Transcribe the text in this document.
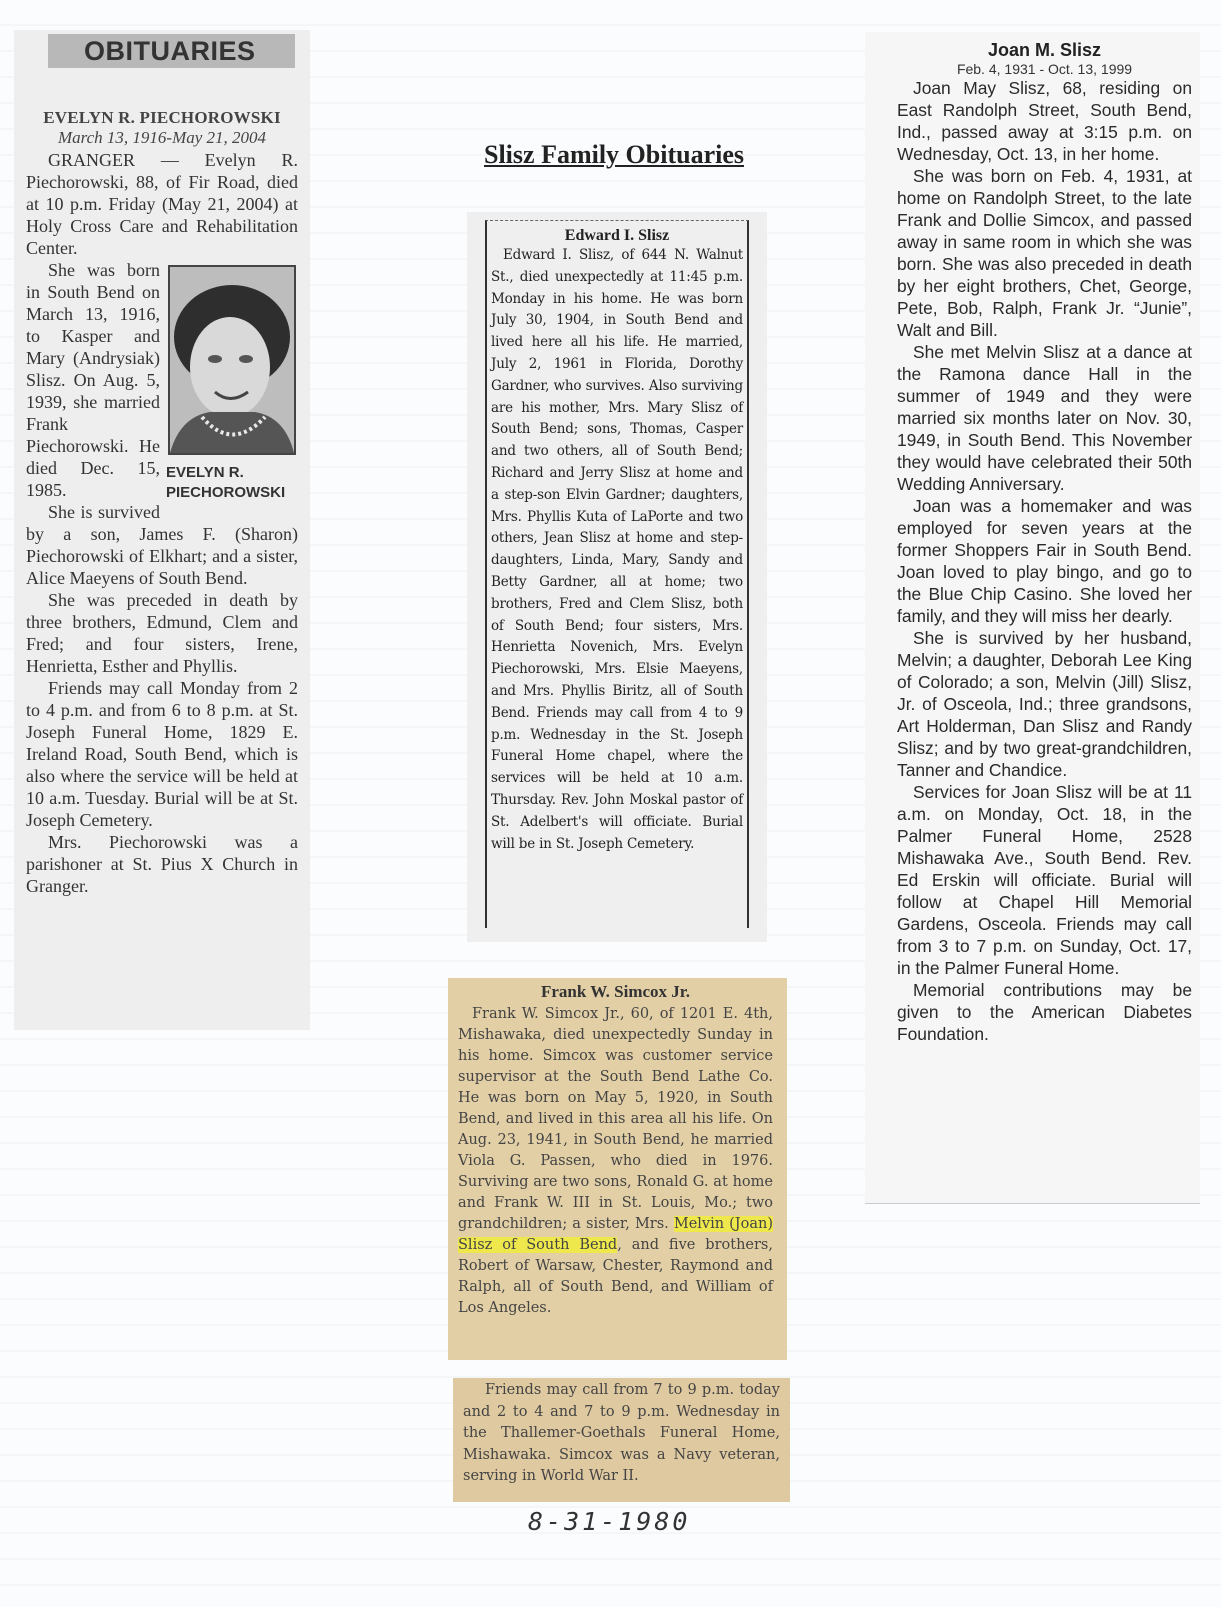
OBITUARIES
EVELYN R. PIECHOROWSKI
March 13, 1916-May 21, 2004

GRANGER — Evelyn R. Piechorowski, 88, of Fir Road, died at 10 p.m. Friday (May 21, 2004) at Holy Cross Care and Rehabilitation Center.

EVELYN R.
PIECHOROWSKI

She was born in South Bend on March 13, 1916, to Kasper and Mary (Andrysiak) Slisz. On Aug. 5, 1939, she married Frank Piechorowski. He died Dec. 15, 1985.

She is survived by a son, James F. (Sharon) Piechorowski of Elkhart; and a sister, Alice Maeyens of South Bend.

She was preceded in death by three brothers, Edmund, Clem and Fred; and four sisters, Irene, Henrietta, Esther and Phyllis.

Friends may call Monday from 2 to 4 p.m. and from 6 to 8 p.m. at St. Joseph Funeral Home, 1829 E. Ireland Road, South Bend, which is also where the service will be held at 10 a.m. Tuesday. Burial will be at St. Joseph Cemetery.

Mrs. Piechorowski was a parishoner at St. Pius X Church in Granger.

Slisz Family Obituaries
Edward I. Slisz

Edward I. Slisz, of 644 N. Walnut St., died unexpectedly at 11:45 p.m. Monday in his home. He was born July 30, 1904, in South Bend and lived here all his life. He married, July 2, 1961 in Florida, Dorothy Gardner, who survives. Also surviving are his mother, Mrs. Mary Slisz of South Bend; sons, Thomas, Casper and two others, all of South Bend; Richard and Jerry Slisz at home and a step-son Elvin Gardner; daughters, Mrs. Phyllis Kuta of LaPorte and two others, Jean Slisz at home and step-daughters, Linda, Mary, Sandy and Betty Gardner, all at home; two brothers, Fred and Clem Slisz, both of South Bend; four sisters, Mrs. Henrietta Novenich, Mrs. Evelyn Piechorowski, Mrs. Elsie Maeyens, and Mrs. Phyllis Biritz, all of South Bend. Friends may call from 4 to 9 p.m. Wednesday in the St. Joseph Funeral Home chapel, where the services will be held at 10 a.m. Thursday. Rev. John Moskal pastor of St. Adelbert's will officiate. Burial will be in St. Joseph Cemetery.

Frank W. Simcox Jr.

Frank W. Simcox Jr., 60, of 1201 E. 4th, Mishawaka, died unexpectedly Sunday in his home. Simcox was customer service supervisor at the South Bend Lathe Co. He was born on May 5, 1920, in South Bend, and lived in this area all his life. On Aug. 23, 1941, in South Bend, he married Viola G. Passen, who died in 1976. Surviving are two sons, Ronald G. at home and Frank W. III in St. Louis, Mo.; two grandchildren; a sister, Mrs. Melvin (Joan) Slisz of South Bend, and five brothers, Robert of Warsaw, Chester, Raymond and Ralph, all of South Bend, and William of Los Angeles.

Friends may call from 7 to 9 p.m. today and 2 to 4 and 7 to 9 p.m. Wednesday in the Thallemer-Goethals Funeral Home, Mishawaka. Simcox was a Navy veteran, serving in World War II.

8-31-1980
Joan M. Slisz
Feb. 4, 1931 - Oct. 13, 1999

Joan May Slisz, 68, residing on East Randolph Street, South Bend, Ind., passed away at 3:15 p.m. on Wednesday, Oct. 13, in her home.

She was born on Feb. 4, 1931, at home on Randolph Street, to the late Frank and Dollie Simcox, and passed away in same room in which she was born. She was also preceded in death by her eight brothers, Chet, George, Pete, Bob, Ralph, Frank Jr. “Junie”, Walt and Bill.

She met Melvin Slisz at a dance at the Ramona dance Hall in the summer of 1949 and they were married six months later on Nov. 30, 1949, in South Bend. This November they would have celebrated their 50th Wedding Anniversary.

Joan was a homemaker and was employed for seven years at the former Shoppers Fair in South Bend. Joan loved to play bingo, and go to the Blue Chip Casino. She loved her family, and they will miss her dearly.

She is survived by her husband, Melvin; a daughter, Deborah Lee King of Colorado; a son, Melvin (Jill) Slisz, Jr. of Osceola, Ind.; three grandsons, Art Holderman, Dan Slisz and Randy Slisz; and by two great-grandchildren, Tanner and Chandice.

Services for Joan Slisz will be at 11 a.m. on Monday, Oct. 18, in the Palmer Funeral Home, 2528 Mishawaka Ave., South Bend. Rev. Ed Erskin will officiate. Burial will follow at Chapel Hill Memorial Gardens, Osceola. Friends may call from 3 to 7 p.m. on Sunday, Oct. 17, in the Palmer Funeral Home.

Memorial contributions may be given to the American Diabetes Foundation.
